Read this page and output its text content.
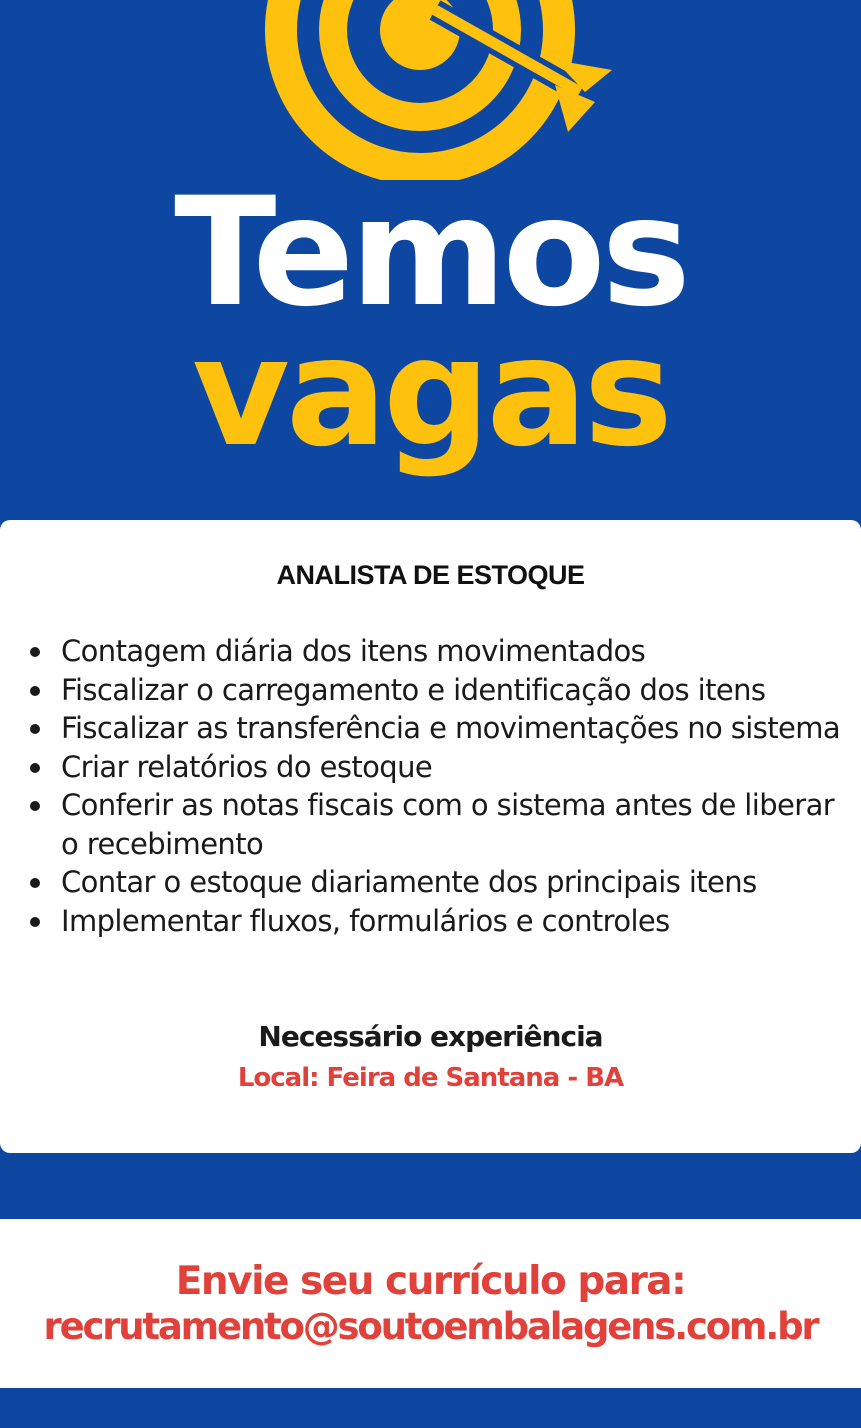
Temos
vagas
ANALISTA DE ESTOQUE
Contagem diária dos itens movimentados
Fiscalizar o carregamento e identificação dos itens
Fiscalizar as transferência e movimentações no sistema
Criar relatórios do estoque
Conferir as notas fiscais com o sistema antes de liberar o recebimento
Contar o estoque diariamente dos principais itens
Implementar fluxos, formulários e controles
Necessário experiência
Local: Feira de Santana - BA
Envie seu currículo para:
recrutamento@soutoembalagens.com.br
